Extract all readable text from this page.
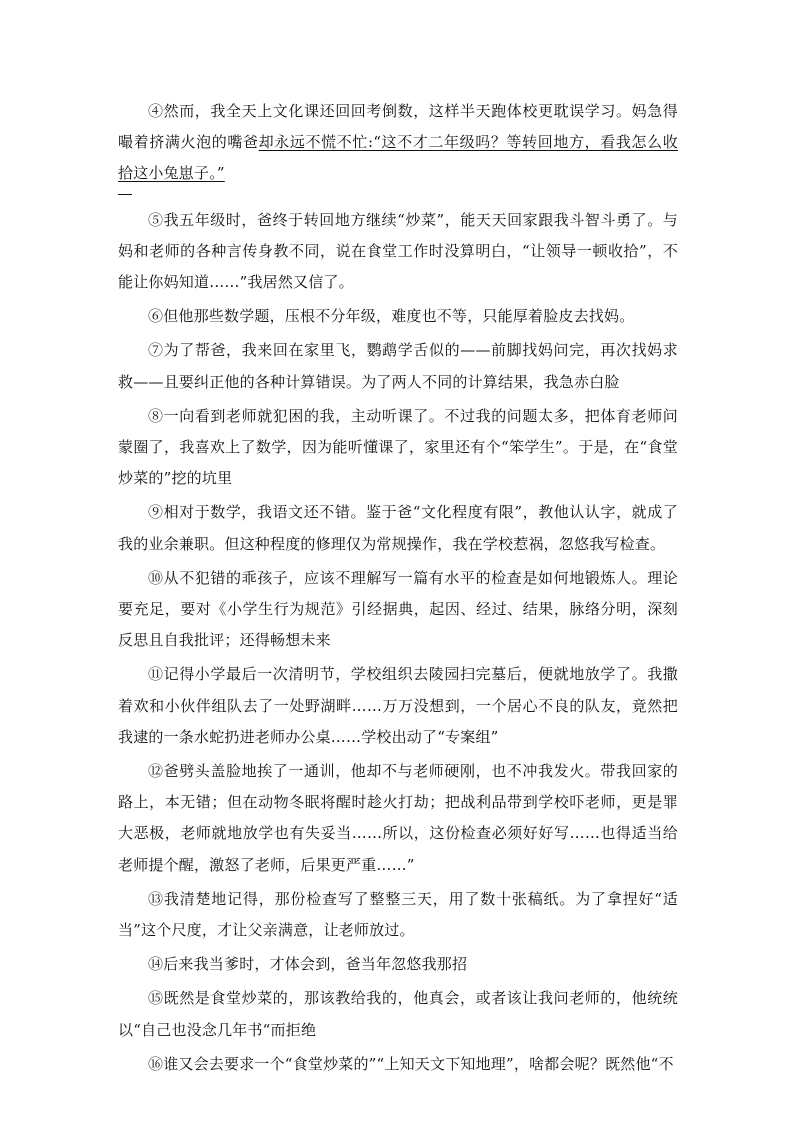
④然而，我全天上文化课还回回考倒数，这样半天跑体校更耽误学习。妈急得嘬着挤满火泡的嘴爸却永远不慌不忙:“这不才二年级吗？等转回地方，看我怎么收拾这小兔崽子。”

⑤我五年级时，爸终于转回地方继续“炒菜”，能天天回家跟我斗智斗勇了。与妈和老师的各种言传身教不同，说在食堂工作时没算明白，“让领导一顿收拾”，不能让你妈知道……”我居然又信了。

⑥但他那些数学题，压根不分年级，难度也不等，只能厚着脸皮去找妈。

⑦为了帮爸，我来回在家里飞，鹦鹉学舌似的——前脚找妈问完，再次找妈求救——且要纠正他的各种计算错误。为了两人不同的计算结果，我急赤白脸

⑧一向看到老师就犯困的我，主动听课了。不过我的问题太多，把体育老师问蒙圈了，我喜欢上了数学，因为能听懂课了，家里还有个“笨学生”。于是，在“食堂炒菜的”挖的坑里

⑨相对于数学，我语文还不错。鉴于爸“文化程度有限”，教他认认字，就成了我的业余兼职。但这种程度的修理仅为常规操作，我在学校惹祸，忽悠我写检查。

⑩从不犯错的乖孩子，应该不理解写一篇有水平的检查是如何地锻炼人。理论要充足，要对《小学生行为规范》引经据典，起因、经过、结果，脉络分明，深刻反思且自我批评；还得畅想未来

⑪记得小学最后一次清明节，学校组织去陵园扫完墓后，便就地放学了。我撒着欢和小伙伴组队去了一处野湖畔……万万没想到，一个居心不良的队友，竟然把我逮的一条水蛇扔进老师办公桌……学校出动了“专案组”

⑫爸劈头盖脸地挨了一通训，他却不与老师硬刚，也不冲我发火。带我回家的路上，本无错；但在动物冬眠将醒时趁火打劫；把战利品带到学校吓老师，更是罪大恶极，老师就地放学也有失妥当……所以，这份检查必须好好写……也得适当给老师提个醒，激怒了老师，后果更严重……”

⑬我清楚地记得，那份检查写了整整三天，用了数十张稿纸。为了拿捏好“适当”这个尺度，才让父亲满意，让老师放过。

⑭后来我当爹时，才体会到，爸当年忽悠我那招

⑮既然是食堂炒菜的，那该教给我的，他真会，或者该让我问老师的，他统统以“自己也没念几年书“而拒绝

⑯谁又会去要求一个“食堂炒菜的”“上知天文下知地理”，啥都会呢？既然他“不
